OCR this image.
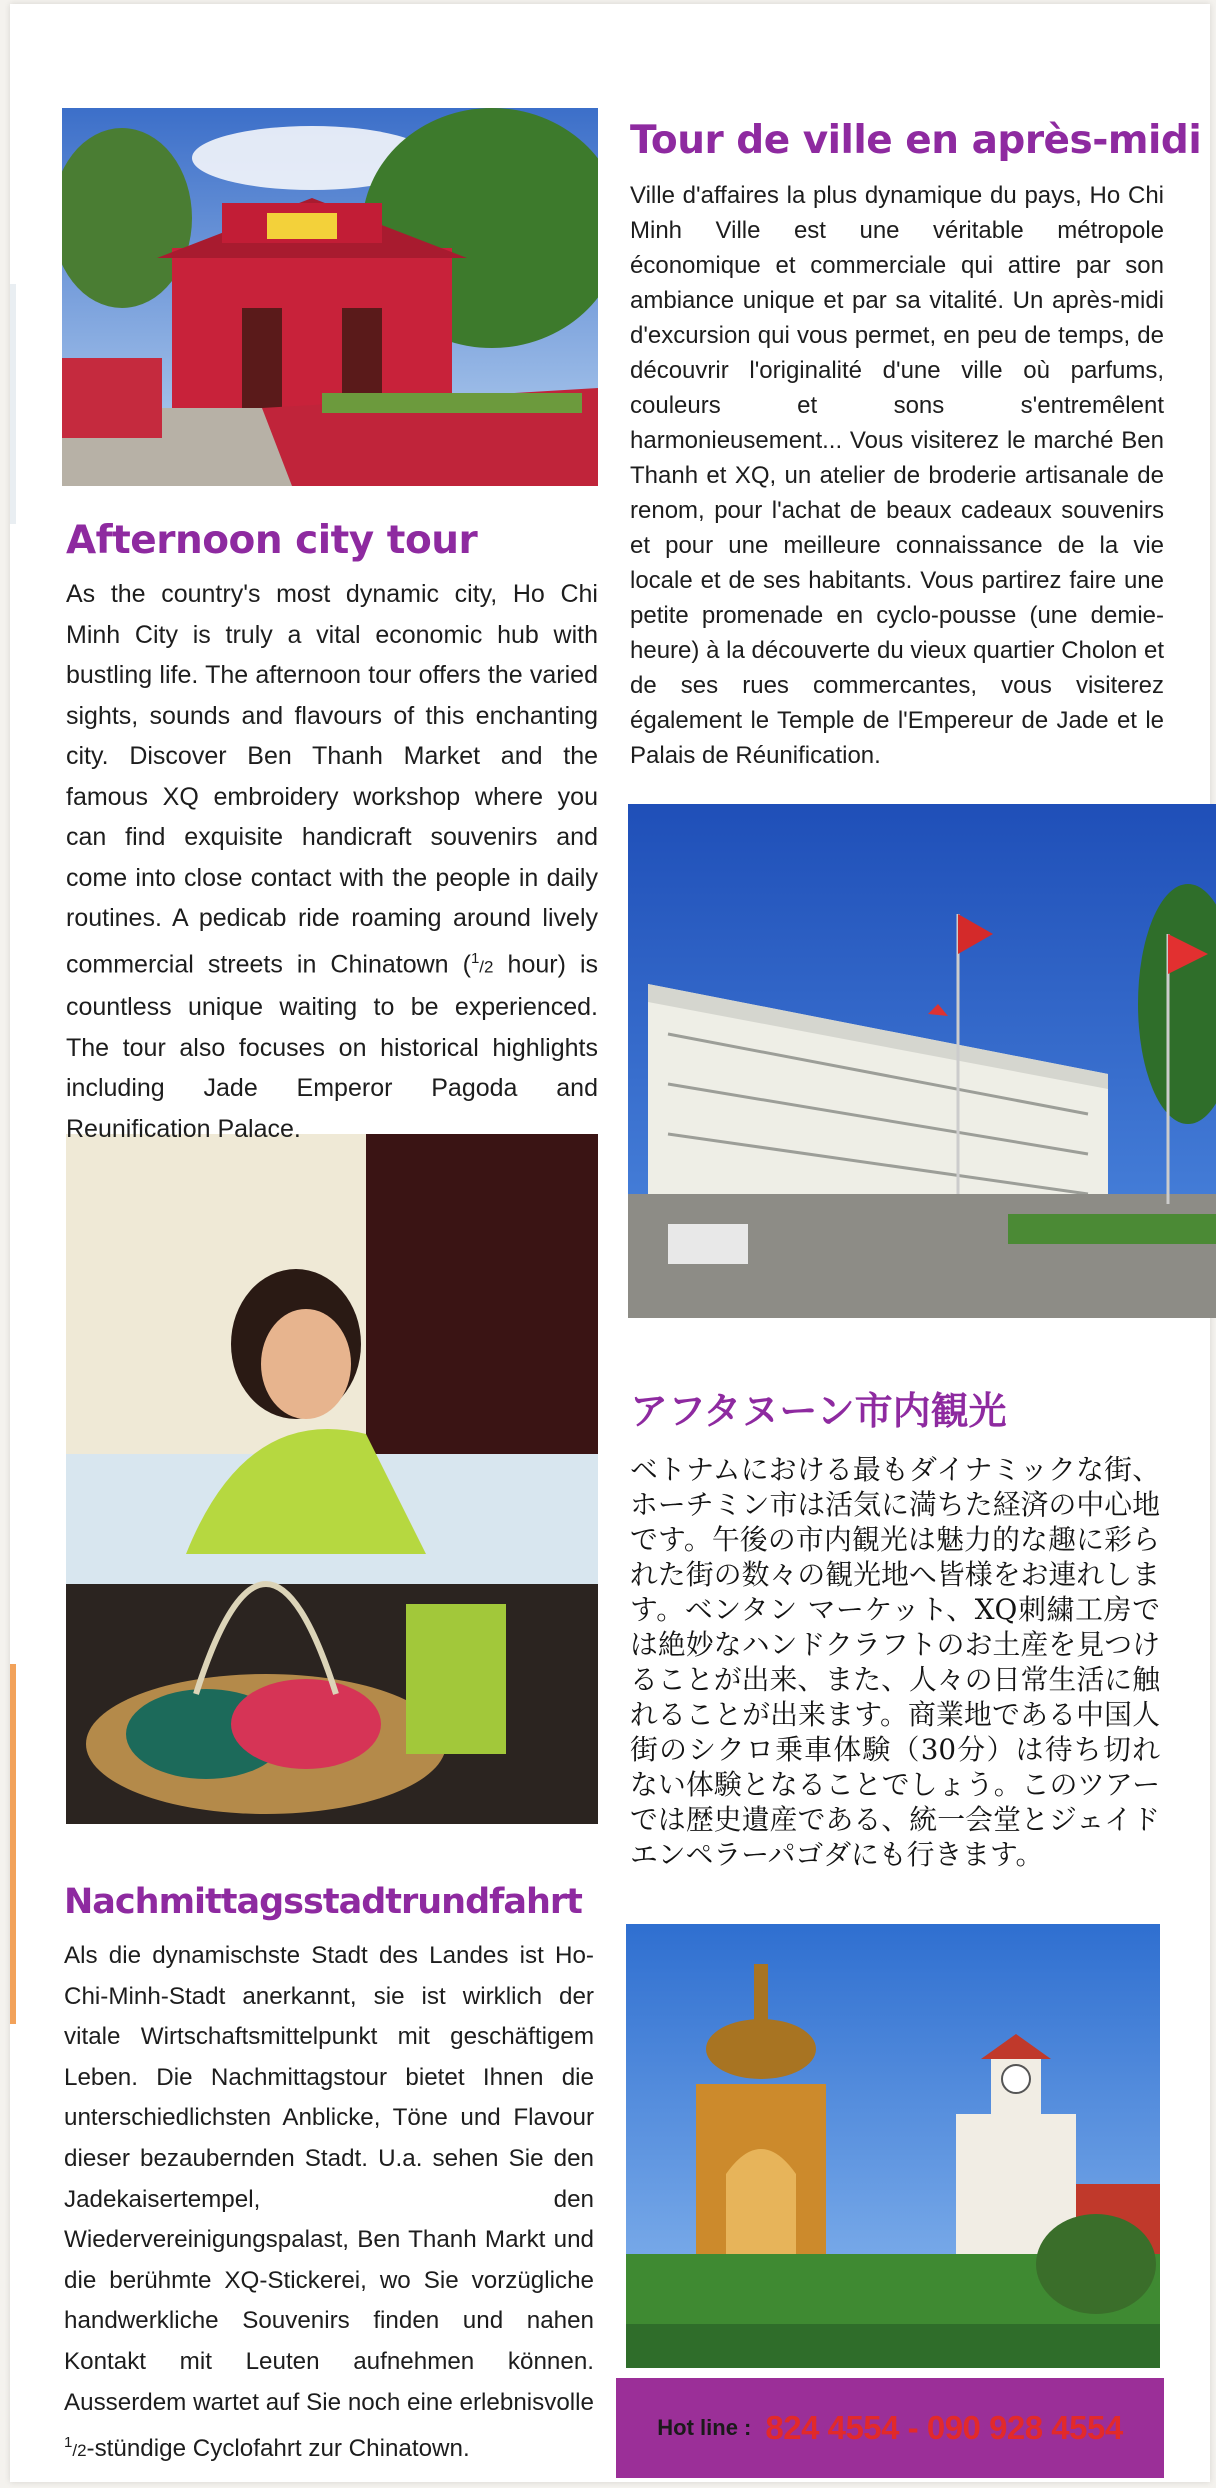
Tour de ville en après-midi

Ville d'affaires la plus dynamique du pays, Ho Chi Minh Ville est une véritable métropole économique et commerciale qui attire par son ambiance unique et par sa vitalité. Un après-midi d'excursion qui vous permet, en peu de temps, de découvrir l'originalité d'une ville où parfums, couleurs et sons s'entremêlent harmonieusement... Vous visiterez le marché Ben Thanh et XQ, un atelier de broderie artisanale de renom, pour l'achat de beaux cadeaux souvenirs et pour une meilleure connaissance de la vie locale et de ses habitants. Vous partirez faire une petite promenade en cyclo-pousse (une demie-heure) à la découverte du vieux quartier Cholon et de ses rues commercantes, vous visiterez également le Temple de l'Empereur de Jade et le Palais de Réunification.

Afternoon city tour

As the country's most dynamic city, Ho Chi Minh City is truly a vital economic hub with bustling life. The afternoon tour offers the varied sights, sounds and flavours of this enchanting city. Discover Ben Thanh Market and the famous XQ embroidery workshop where you can find exquisite handicraft souvenirs and come into close contact with the people in daily routines. A pedicab ride roaming around lively commercial streets in Chinatown ($^1$/2 hour) is countless unique waiting to be experienced. The tour also focuses on historical highlights including Jade Emperor Pagoda and Reunification Palace.

アフタヌーン市内観光

ベトナムにおける最もダイナミックな街、ホーチミン市は活気に満ちた経済の中心地です。午後の市内観光は魅力的な趣に彩られた街の数々の観光地へ皆様をお連れします。ベンタン マーケット、XQ刺繍工房では絶妙なハンドクラフトのお土産を見つけることが出来、また、人々の日常生活に触れることが出来ます。商業地である中国人街のシクロ乗車体験（30分）は待ち切れない体験となることでしょう。このツアーでは歴史遺産である、統一会堂とジェイドエンペラーパゴダにも行きます。

Nachmittagsstadtrundfahrt

Als die dynamischste Stadt des Landes ist Ho-Chi-Minh-Stadt anerkannt, sie ist wirklich der vitale Wirtschaftsmittelpunkt mit geschäftigem Leben. Die Nachmittagstour bietet Ihnen die unterschiedlichsten Anblicke, Töne und Flavour dieser bezaubernden Stadt. U.a. sehen Sie den Jadekaisertempel, den Wiedervereinigungspalast, Ben Thanh Markt und die berühmte XQ-Stickerei, wo Sie vorzügliche handwerkliche Souvenirs finden und nahen Kontakt mit Leuten aufnehmen können. Ausserdem wartet auf Sie noch eine erlebnisvolle $^1$/2-stündige Cyclofahrt zur Chinatown.

Hot line : 824 4554 - 090 928 4554
